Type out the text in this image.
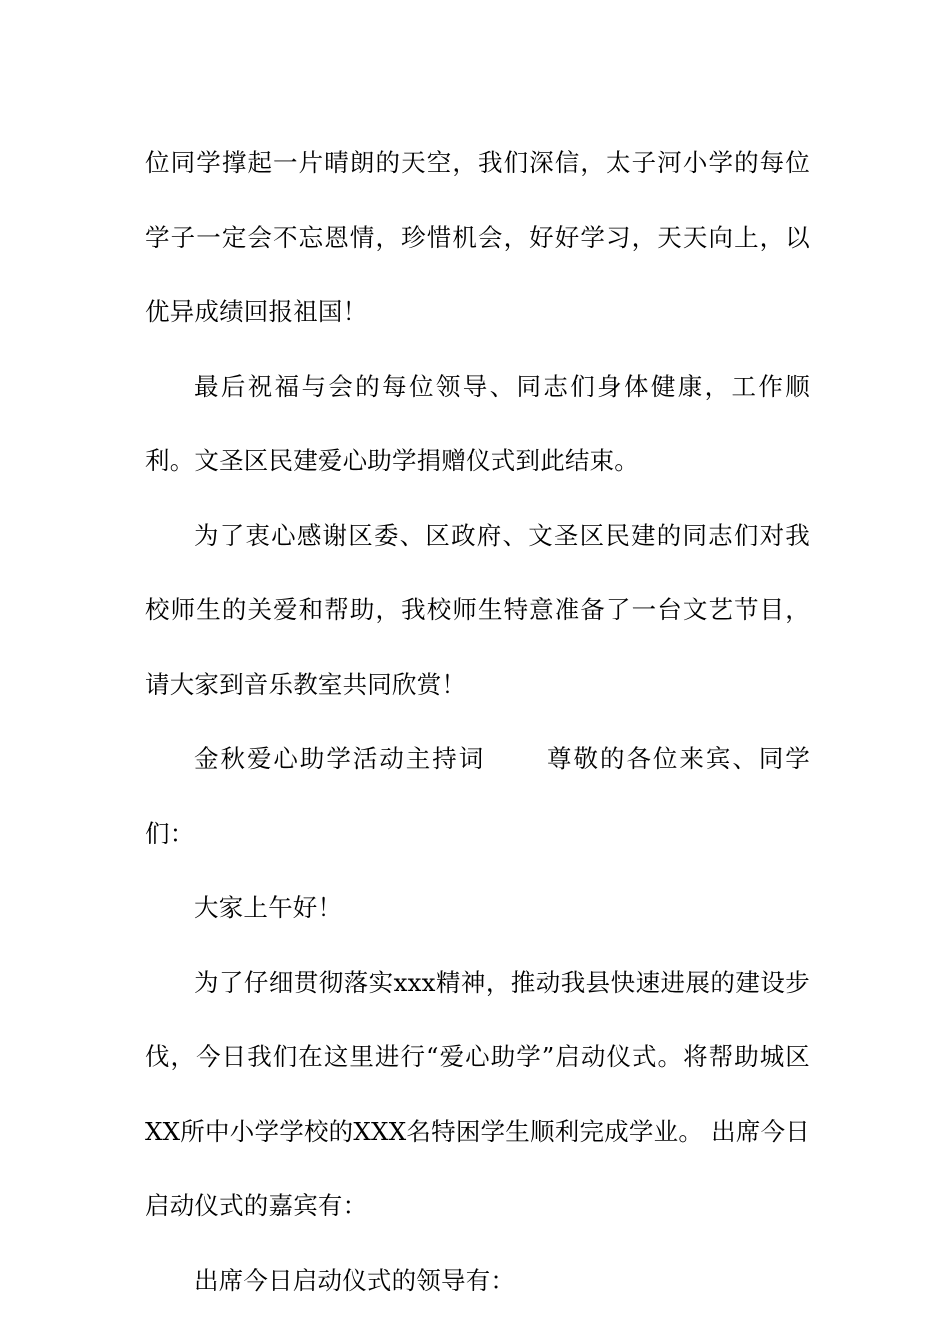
位同学撑起一片晴朗的天空，我们深信，太子河小学的每位学子一定会不忘恩情，珍惜机会，好好学习，天天向上，以优异成绩回报祖国！

最后祝福与会的每位领导、同志们身体健康，工作顺利。文圣区民建爱心助学捐赠仪式到此结束。

为了衷心感谢区委、区政府、文圣区民建的同志们对我校师生的关爱和帮助，我校师生特意准备了一台文艺节目，请大家到音乐教室共同欣赏！

金秋爱心助学活动主持词 尊敬的各位来宾、同学们：

大家上午好！

为了仔细贯彻落实xxx精神，推动我县快速进展的建设步伐，今日我们在这里进行“爱心助学”启动仪式。将帮助城区XX所中小学学校的XXX名特困学生顺利完成学业。 出席今日启动仪式的嘉宾有：

出席今日启动仪式的领导有：
